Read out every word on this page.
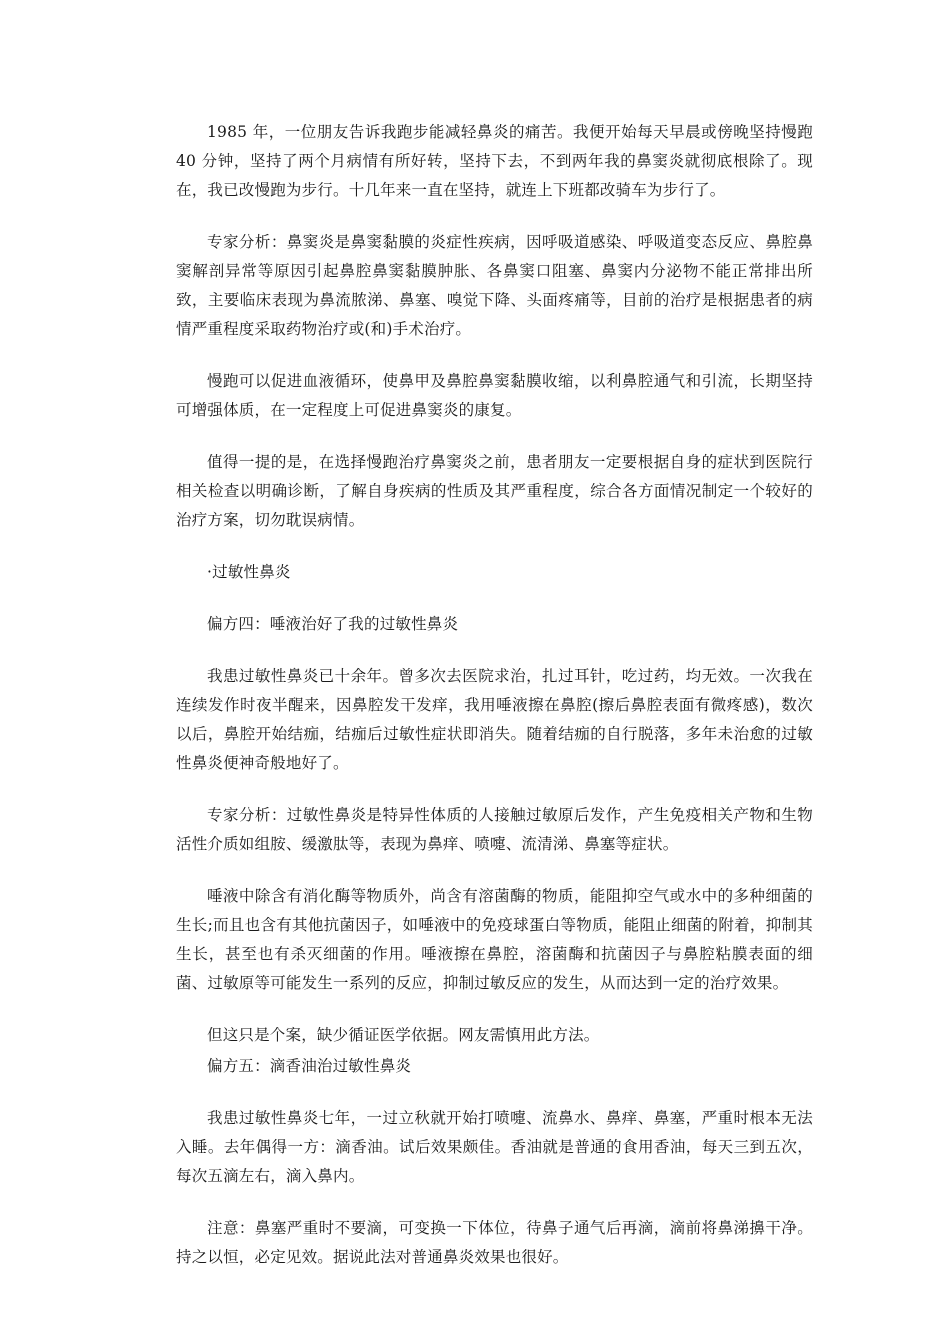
1985 年，一位朋友告诉我跑步能减轻鼻炎的痛苦。我便开始每天早晨或傍晚坚持慢跑 40 分钟，坚持了两个月病情有所好转，坚持下去，不到两年我的鼻窦炎就彻底根除了。现在，我已改慢跑为步行。十几年来一直在坚持，就连上下班都改骑车为步行了。

专家分析：鼻窦炎是鼻窦黏膜的炎症性疾病，因呼吸道感染、呼吸道变态反应、鼻腔鼻窦解剖异常等原因引起鼻腔鼻窦黏膜肿胀、各鼻窦口阻塞、鼻窦内分泌物不能正常排出所致，主要临床表现为鼻流脓涕、鼻塞、嗅觉下降、头面疼痛等，目前的治疗是根据患者的病情严重程度采取药物治疗或(和)手术治疗。

慢跑可以促进血液循环，使鼻甲及鼻腔鼻窦黏膜收缩，以利鼻腔通气和引流，长期坚持可增强体质，在一定程度上可促进鼻窦炎的康复。

值得一提的是，在选择慢跑治疗鼻窦炎之前，患者朋友一定要根据自身的症状到医院行相关检查以明确诊断，了解自身疾病的性质及其严重程度，综合各方面情况制定一个较好的治疗方案，切勿耽误病情。

·过敏性鼻炎

偏方四：唾液治好了我的过敏性鼻炎

我患过敏性鼻炎已十余年。曾多次去医院求治，扎过耳针，吃过药，均无效。一次我在连续发作时夜半醒来，因鼻腔发干发痒，我用唾液擦在鼻腔(擦后鼻腔表面有微疼感)，数次以后，鼻腔开始结痂，结痂后过敏性症状即消失。随着结痂的自行脱落，多年未治愈的过敏性鼻炎便神奇般地好了。

专家分析：过敏性鼻炎是特异性体质的人接触过敏原后发作，产生免疫相关产物和生物活性介质如组胺、缓激肽等，表现为鼻痒、喷嚏、流清涕、鼻塞等症状。

唾液中除含有消化酶等物质外，尚含有溶菌酶的物质，能阻抑空气或水中的多种细菌的生长;而且也含有其他抗菌因子，如唾液中的免疫球蛋白等物质，能阻止细菌的附着，抑制其生长，甚至也有杀灭细菌的作用。唾液擦在鼻腔，溶菌酶和抗菌因子与鼻腔粘膜表面的细菌、过敏原等可能发生一系列的反应，抑制过敏反应的发生，从而达到一定的治疗效果。

但这只是个案，缺少循证医学依据。网友需慎用此方法。

偏方五：滴香油治过敏性鼻炎

我患过敏性鼻炎七年，一过立秋就开始打喷嚏、流鼻水、鼻痒、鼻塞，严重时根本无法入睡。去年偶得一方：滴香油。试后效果颇佳。香油就是普通的食用香油，每天三到五次，每次五滴左右，滴入鼻内。

注意：鼻塞严重时不要滴，可变换一下体位，待鼻子通气后再滴，滴前将鼻涕擤干净。持之以恒，必定见效。据说此法对普通鼻炎效果也很好。
